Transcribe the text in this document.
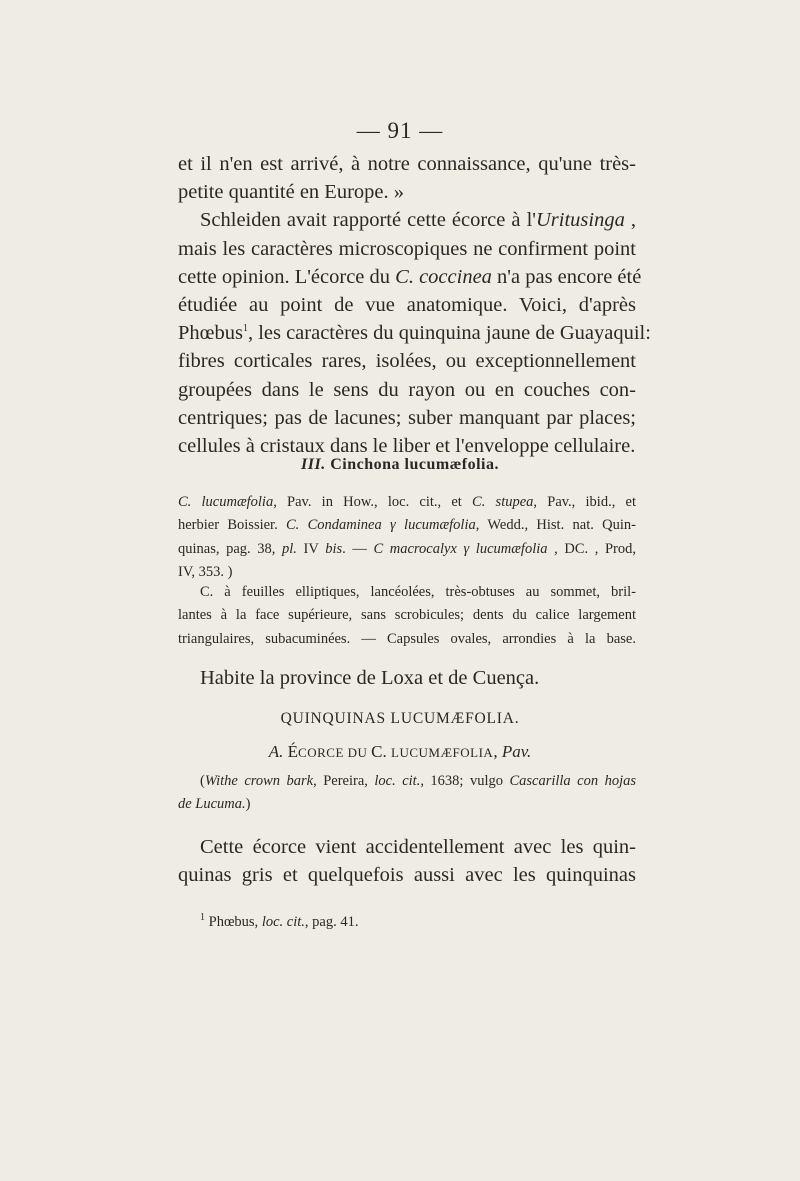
— 91 —
et il n'en est arrivé, à notre connaissance, qu'une très-
petite quantité en Europe. »
Schleiden avait rapporté cette écorce à l'Uritusinga ,
mais les caractères microscopiques ne confirment point
cette opinion. L'écorce du C. coccinea n'a pas encore été
étudiée au point de vue anatomique. Voici, d'après
Phœbus$^1$, les caractères du quinquina jaune de Guayaquil:
fibres corticales rares, isolées, ou exceptionnellement
groupées dans le sens du rayon ou en couches con-
centriques; pas de lacunes; suber manquant par places;
cellules à cristaux dans le liber et l'enveloppe cellulaire.
III. Cinchona lucumæfolia.
C. lucumæfolia, Pav. in How., loc. cit., et C. stupea, Pav., ibid., et
herbier Boissier. C. Condaminea γ lucumæfolia, Wedd., Hist. nat. Quin-
quinas, pag. 38, pl. IV bis. — C macrocalyx γ lucumæfolia , DC. , Prod,
IV, 353. )
C. à feuilles elliptiques, lancéolées, très-obtuses au sommet, bril-
lantes à la face supérieure, sans scrobicules; dents du calice largement
triangulaires, subacuminées. — Capsules ovales, arrondies à la base.
Habite la province de Loxa et de Cuença.
QUINQUINAS LUCUMÆFOLIA.
A. ÉCORCE DU C. LUCUMÆFOLIA, Pav.
(Withe crown bark, Pereira, loc. cit., 1638; vulgo Cascarilla con hojas
de Lucuma.)
Cette écorce vient accidentellement avec les quin-
quinas gris et quelquefois aussi avec les quinquinas
$^1$ Phœbus, loc. cit., pag. 41.
